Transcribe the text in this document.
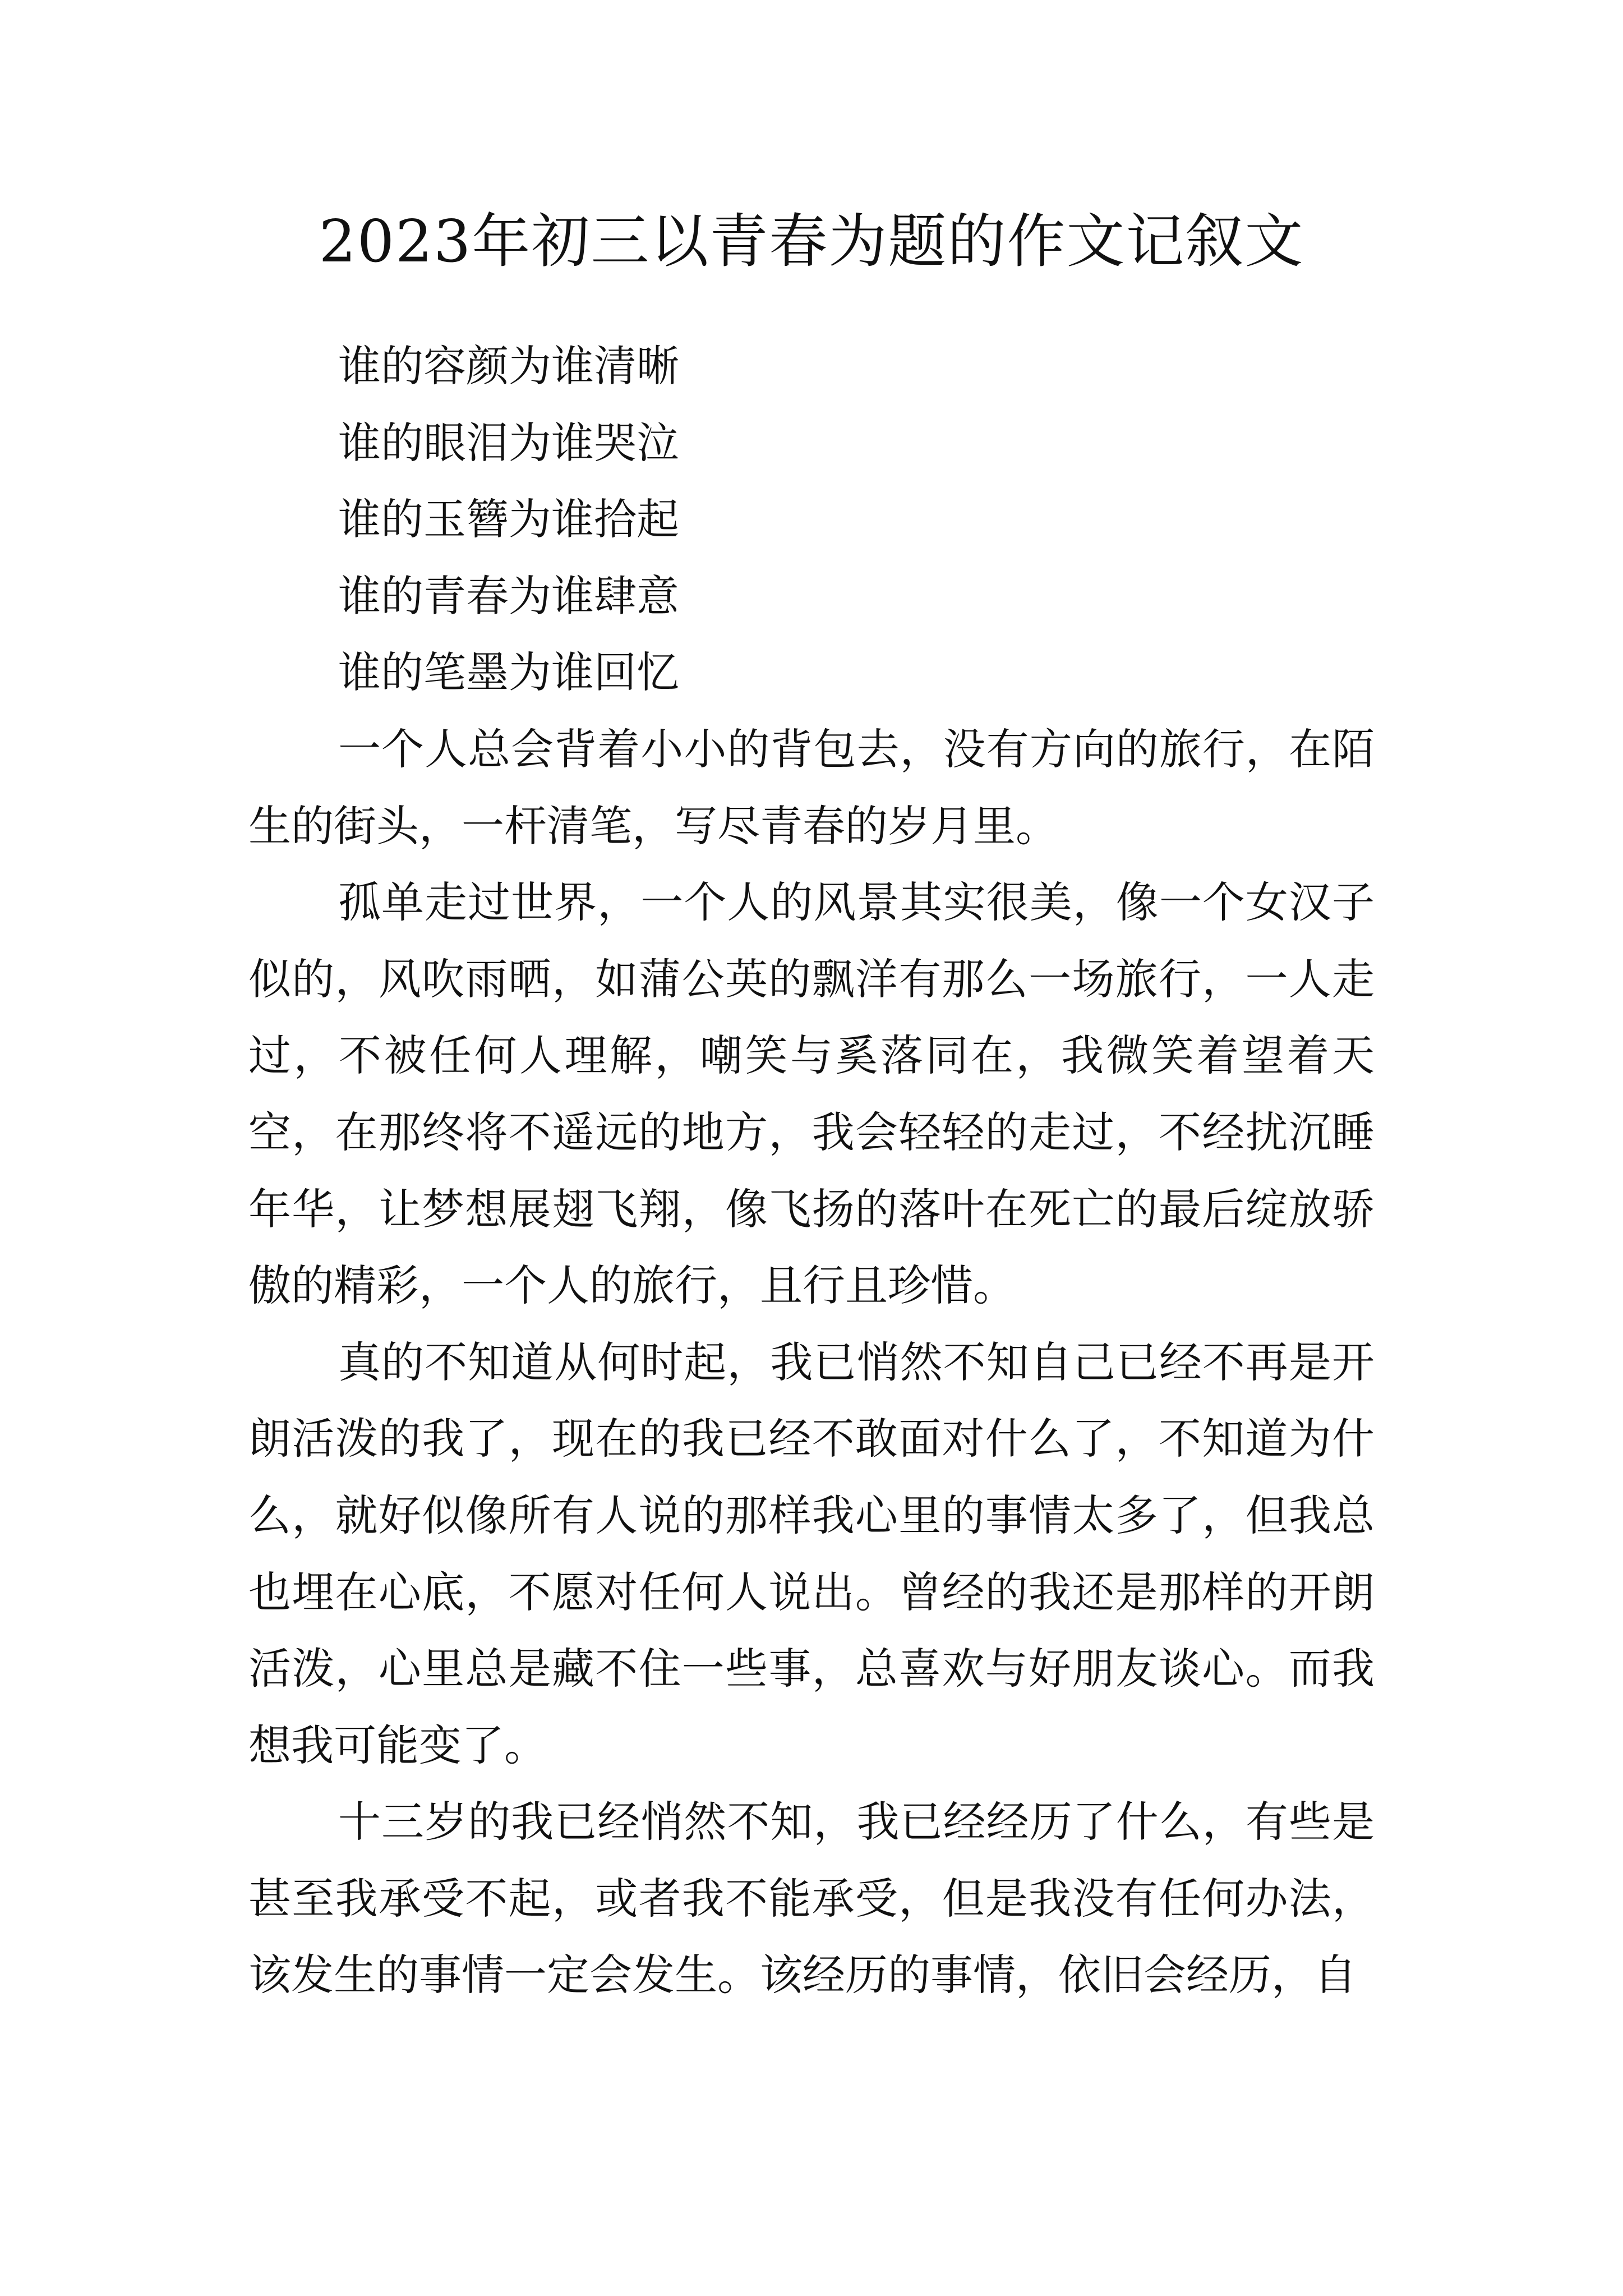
2023年初三以青春为题的作文记叙文

谁的容颜为谁清晰

谁的眼泪为谁哭泣

谁的玉簪为谁拾起

谁的青春为谁肆意

谁的笔墨为谁回忆

一个人总会背着小小的背包去，没有方向的旅行，在陌生的街头，一杆清笔，写尽青春的岁月里。

孤单走过世界，一个人的风景其实很美，像一个女汉子似的，风吹雨晒，如蒲公英的飘洋有那么一场旅行，一人走过，不被任何人理解，嘲笑与奚落同在，我微笑着望着天空，在那终将不遥远的地方，我会轻轻的走过，不经扰沉睡年华，让梦想展翅飞翔，像飞扬的落叶在死亡的最后绽放骄傲的精彩，一个人的旅行，且行且珍惜。

真的不知道从何时起，我已悄然不知自己已经不再是开朗活泼的我了，现在的我已经不敢面对什么了，不知道为什么，就好似像所有人说的那样我心里的事情太多了，但我总也埋在心底，不愿对任何人说出。曾经的我还是那样的开朗活泼，心里总是藏不住一些事，总喜欢与好朋友谈心。而我想我可能变了。

十三岁的我已经悄然不知，我已经经历了什么，有些是甚至我承受不起，或者我不能承受，但是我没有任何办法，该发生的事情一定会发生。该经历的事情，依旧会经历，自
